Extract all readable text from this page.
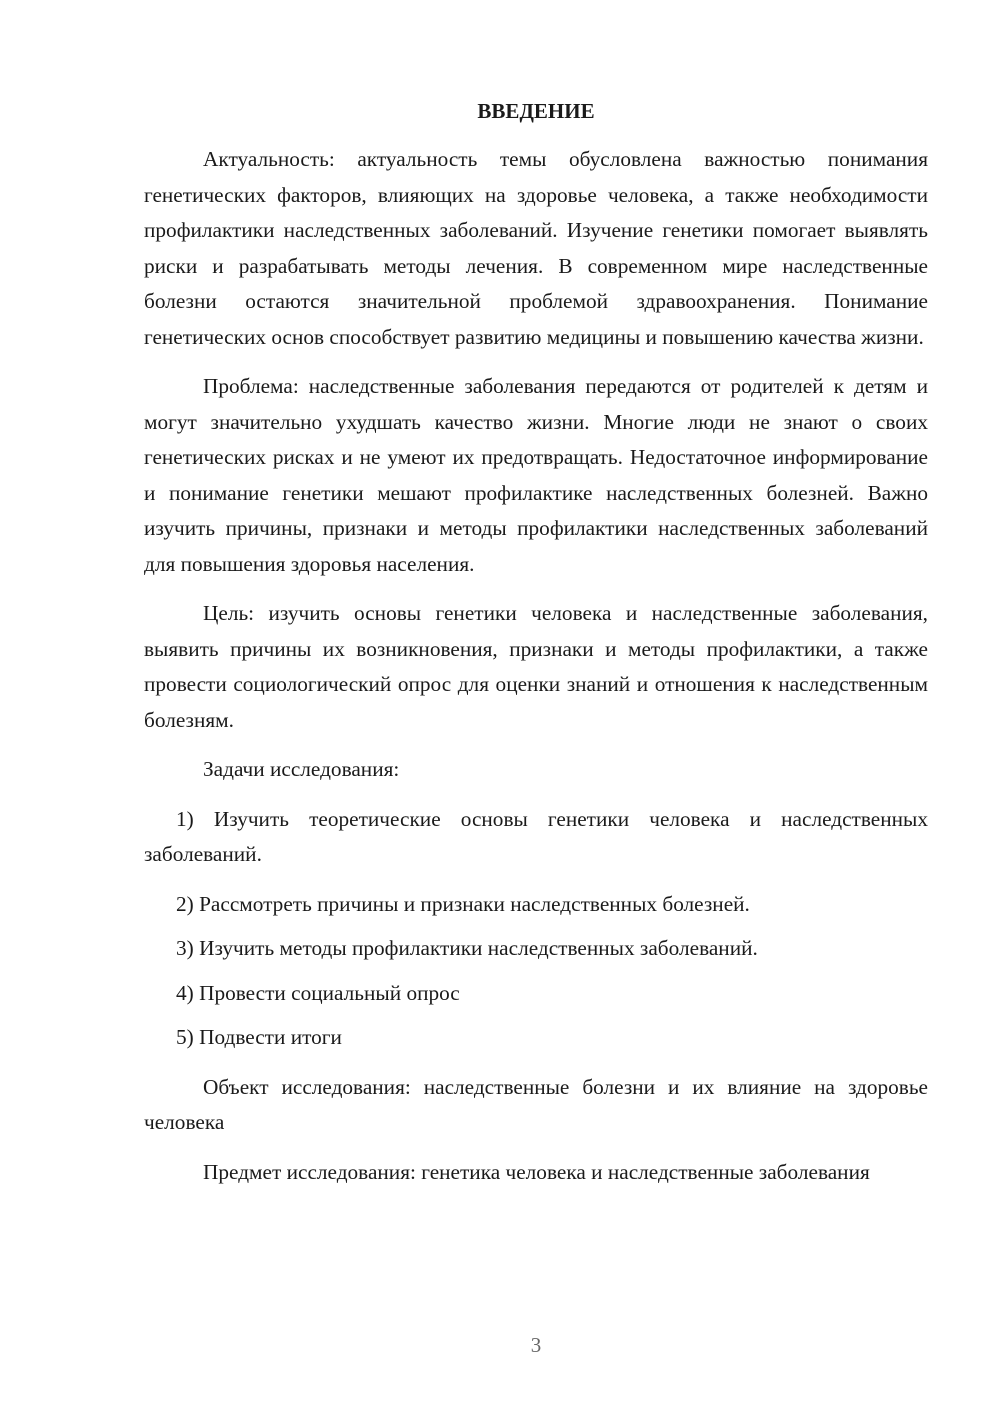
ВВЕДЕНИЕ

Актуальность: актуальность темы обусловлена важностью понимания генетических факторов, влияющих на здоровье человека, а также необходимости профилактики наследственных заболеваний. Изучение генетики помогает выявлять риски и разрабатывать методы лечения. В современном мире наследственные болезни остаются значительной проблемой здравоохранения. Понимание генетических основ способствует развитию медицины и повышению качества жизни.

Проблема: наследственные заболевания передаются от родителей к детям и могут значительно ухудшать качество жизни. Многие люди не знают о своих генетических рисках и не умеют их предотвращать. Недостаточное информирование и понимание генетики мешают профилактике наследственных болезней. Важно изучить причины, признаки и методы профилактики наследственных заболеваний для повышения здоровья населения.

Цель: изучить основы генетики человека и наследственные заболевания, выявить причины их возникновения, признаки и методы профилактики, а также провести социологический опрос для оценки знаний и отношения к наследственным болезням.

Задачи исследования:

1) Изучить теоретические основы генетики человека и наследственных заболеваний.

2) Рассмотреть причины и признаки наследственных болезней.

3) Изучить методы профилактики наследственных заболеваний.

4) Провести социальный опрос

5) Подвести итоги

Объект исследования: наследственные болезни и их влияние на здоровье человека

Предмет исследования: генетика человека и наследственные заболевания

3
